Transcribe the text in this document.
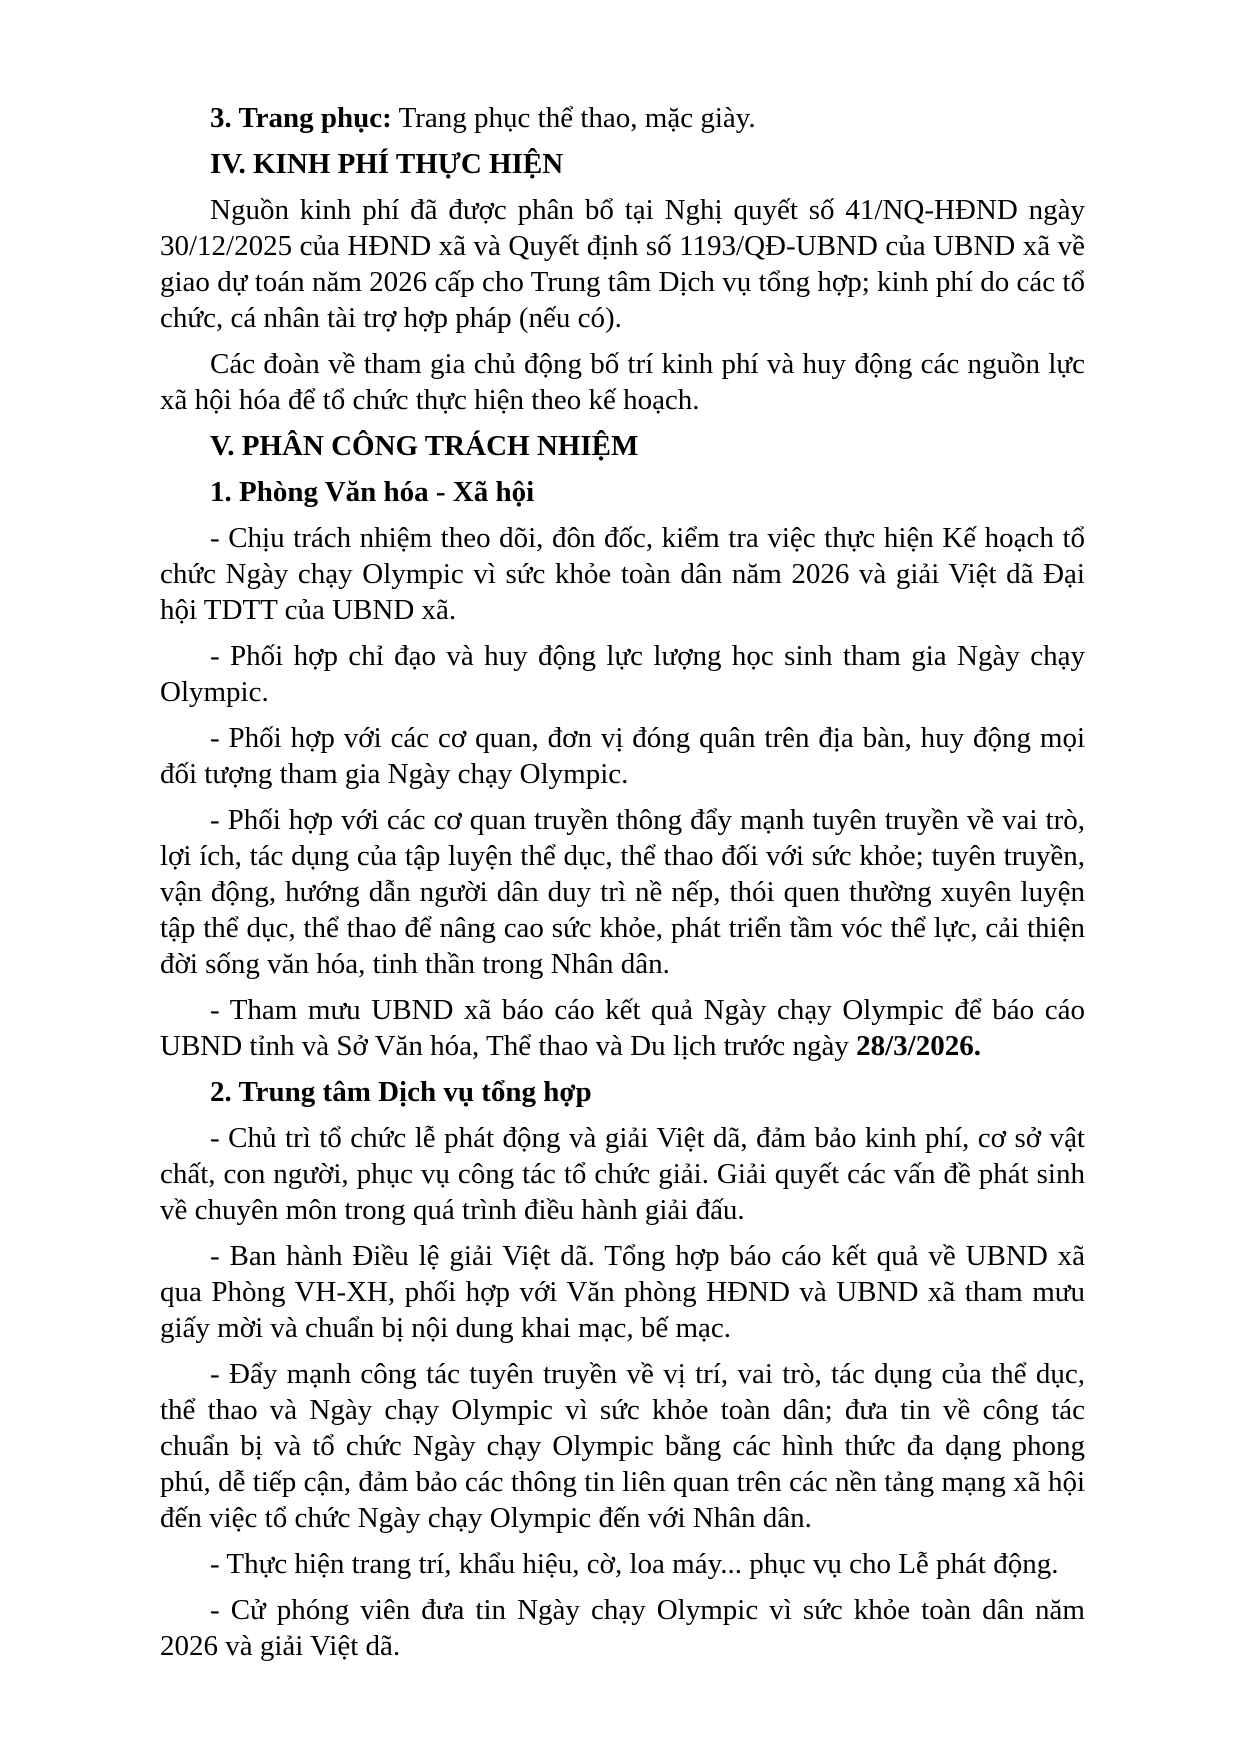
3. Trang phục: Trang phục thể thao, mặc giày.

IV. KINH PHÍ THỰC HIỆN

Nguồn kinh phí đã được phân bổ tại Nghị quyết số 41/NQ-HĐND ngày 30/12/2025 của HĐND xã và Quyết định số 1193/QĐ-UBND của UBND xã về giao dự toán năm 2026 cấp cho Trung tâm Dịch vụ tổng hợp; kinh phí do các tổ chức, cá nhân tài trợ hợp pháp (nếu có).

Các đoàn về tham gia chủ động bố trí kinh phí và huy động các nguồn lực xã hội hóa để tổ chức thực hiện theo kế hoạch.

V. PHÂN CÔNG TRÁCH NHIỆM

1. Phòng Văn hóa - Xã hội

- Chịu trách nhiệm theo dõi, đôn đốc, kiểm tra việc thực hiện Kế hoạch tổ chức Ngày chạy Olympic vì sức khỏe toàn dân năm 2026 và giải Việt dã Đại hội TDTT của UBND xã.

- Phối hợp chỉ đạo và huy động lực lượng học sinh tham gia Ngày chạy Olympic.

- Phối hợp với các cơ quan, đơn vị đóng quân trên địa bàn, huy động mọi đối tượng tham gia Ngày chạy Olympic.

- Phối hợp với các cơ quan truyền thông đẩy mạnh tuyên truyền về vai trò, lợi ích, tác dụng của tập luyện thể dục, thể thao đối với sức khỏe; tuyên truyền, vận động, hướng dẫn người dân duy trì nề nếp, thói quen thường xuyên luyện tập thể dục, thể thao để nâng cao sức khỏe, phát triển tầm vóc thể lực, cải thiện đời sống văn hóa, tinh thần trong Nhân dân.

- Tham mưu UBND xã báo cáo kết quả Ngày chạy Olympic để báo cáo UBND tỉnh và Sở Văn hóa, Thể thao và Du lịch trước ngày 28/3/2026.

2. Trung tâm Dịch vụ tổng hợp

- Chủ trì tổ chức lễ phát động và giải Việt dã, đảm bảo kinh phí, cơ sở vật chất, con người, phục vụ công tác tổ chức giải. Giải quyết các vấn đề phát sinh về chuyên môn trong quá trình điều hành giải đấu.

- Ban hành Điều lệ giải Việt dã. Tổng hợp báo cáo kết quả về UBND xã qua Phòng VH-XH, phối hợp với Văn phòng HĐND và UBND xã tham mưu giấy mời và chuẩn bị nội dung khai mạc, bế mạc.

- Đẩy mạnh công tác tuyên truyền về vị trí, vai trò, tác dụng của thể dục, thể thao và Ngày chạy Olympic vì sức khỏe toàn dân; đưa tin về công tác chuẩn bị và tổ chức Ngày chạy Olympic bằng các hình thức đa dạng phong phú, dễ tiếp cận, đảm bảo các thông tin liên quan trên các nền tảng mạng xã hội đến việc tổ chức Ngày chạy Olympic đến với Nhân dân.

- Thực hiện trang trí, khẩu hiệu, cờ, loa máy... phục vụ cho Lễ phát động.

- Cử phóng viên đưa tin Ngày chạy Olympic vì sức khỏe toàn dân năm 2026 và giải Việt dã.
